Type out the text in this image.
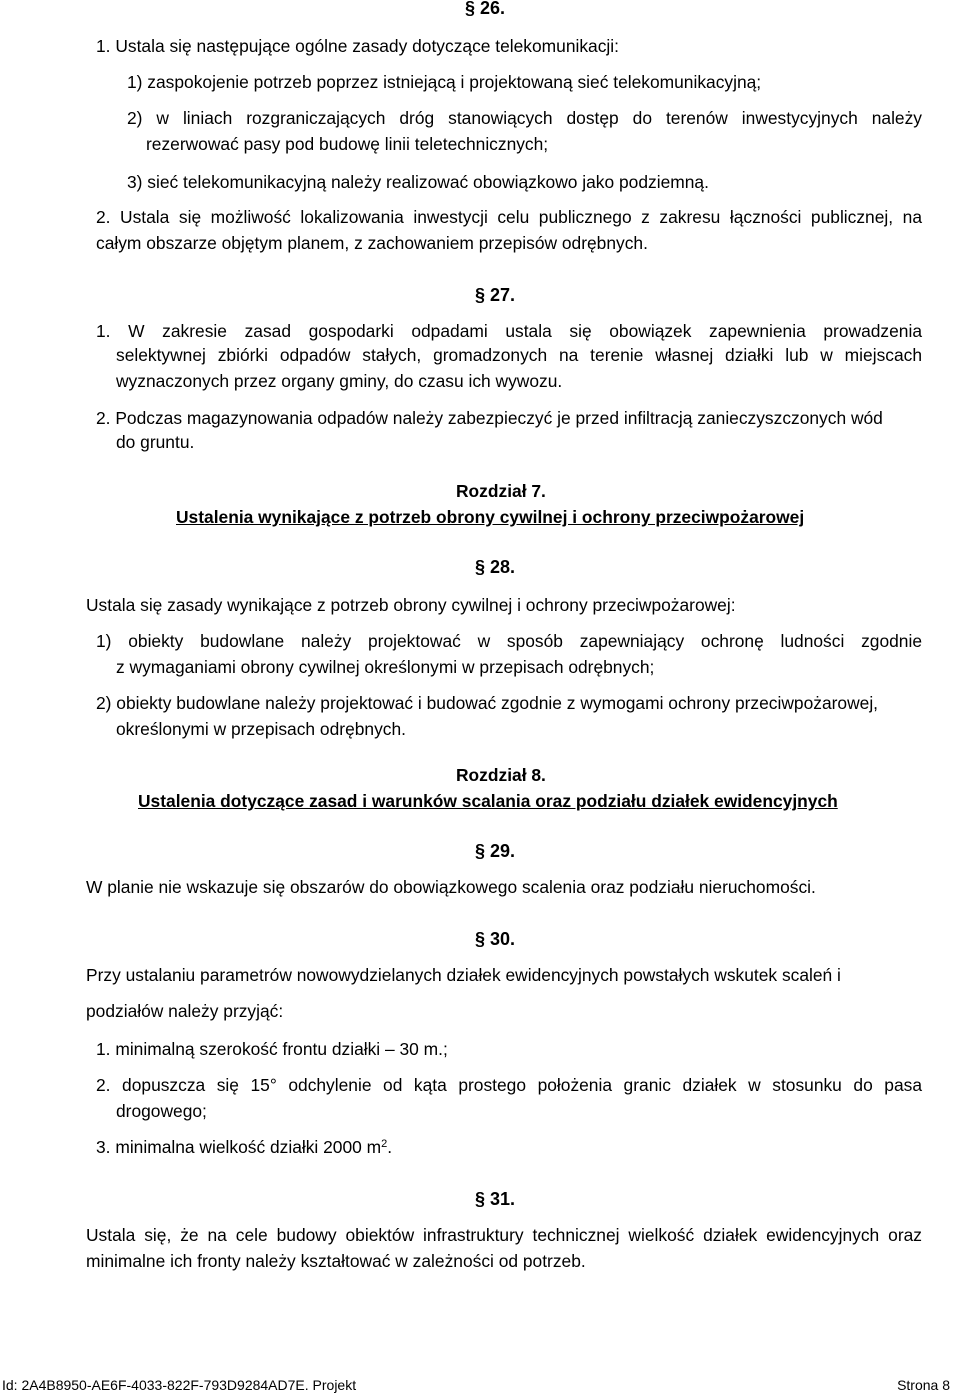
§ 26.

1. Ustala się następujące ogólne zasady dotyczące telekomunikacji:

1) zaspokojenie potrzeb poprzez istniejącą i projektowaną sieć telekomunikacyjną;

2) w liniach rozgraniczających dróg stanowiących dostęp do terenów inwestycyjnych należy

rezerwować pasy pod budowę linii teletechnicznych;

3) sieć telekomunikacyjną należy realizować obowiązkowo jako podziemną.

2. Ustala się możliwość lokalizowania inwestycji celu publicznego z zakresu łączności publicznej, na

całym obszarze objętym planem, z zachowaniem przepisów odrębnych.

§ 27.

1. W zakresie zasad gospodarki odpadami ustala się obowiązek zapewnienia prowadzenia

selektywnej zbiórki odpadów stałych, gromadzonych na terenie własnej działki lub w miejscach

wyznaczonych przez organy gminy, do czasu ich wywozu.

2. Podczas magazynowania odpadów należy zabezpieczyć je przed infiltracją zanieczyszczonych wód

do gruntu.

Rozdział 7.

Ustalenia wynikające z potrzeb obrony cywilnej i ochrony przeciwpożarowej

§ 28.

Ustala się zasady wynikające z potrzeb obrony cywilnej i ochrony przeciwpożarowej:

1) obiekty budowlane należy projektować w sposób zapewniający ochronę ludności zgodnie

z wymaganiami obrony cywilnej określonymi w przepisach odrębnych;

2) obiekty budowlane należy projektować i budować zgodnie z wymogami ochrony przeciwpożarowej,

określonymi w przepisach odrębnych.

Rozdział 8.

Ustalenia dotyczące zasad i warunków scalania oraz podziału działek ewidencyjnych

§ 29.

W planie nie wskazuje się obszarów do obowiązkowego scalenia oraz podziału nieruchomości.

§ 30.

Przy ustalaniu parametrów nowowydzielanych działek ewidencyjnych powstałych wskutek scaleń i

podziałów należy przyjąć:

1. minimalną szerokość frontu działki – 30 m.;

2. dopuszcza się 15° odchylenie od kąta prostego położenia granic działek w stosunku do pasa

drogowego;

3. minimalna wielkość działki 2000 $m^2$.

§ 31.

Ustala się, że na cele budowy obiektów infrastruktury technicznej wielkość działek ewidencyjnych oraz

minimalne ich fronty należy kształtować w zależności od potrzeb.

Id: 2A4B8950-AE6F-4033-822F-793D9284AD7E. Projekt	Strona 8
